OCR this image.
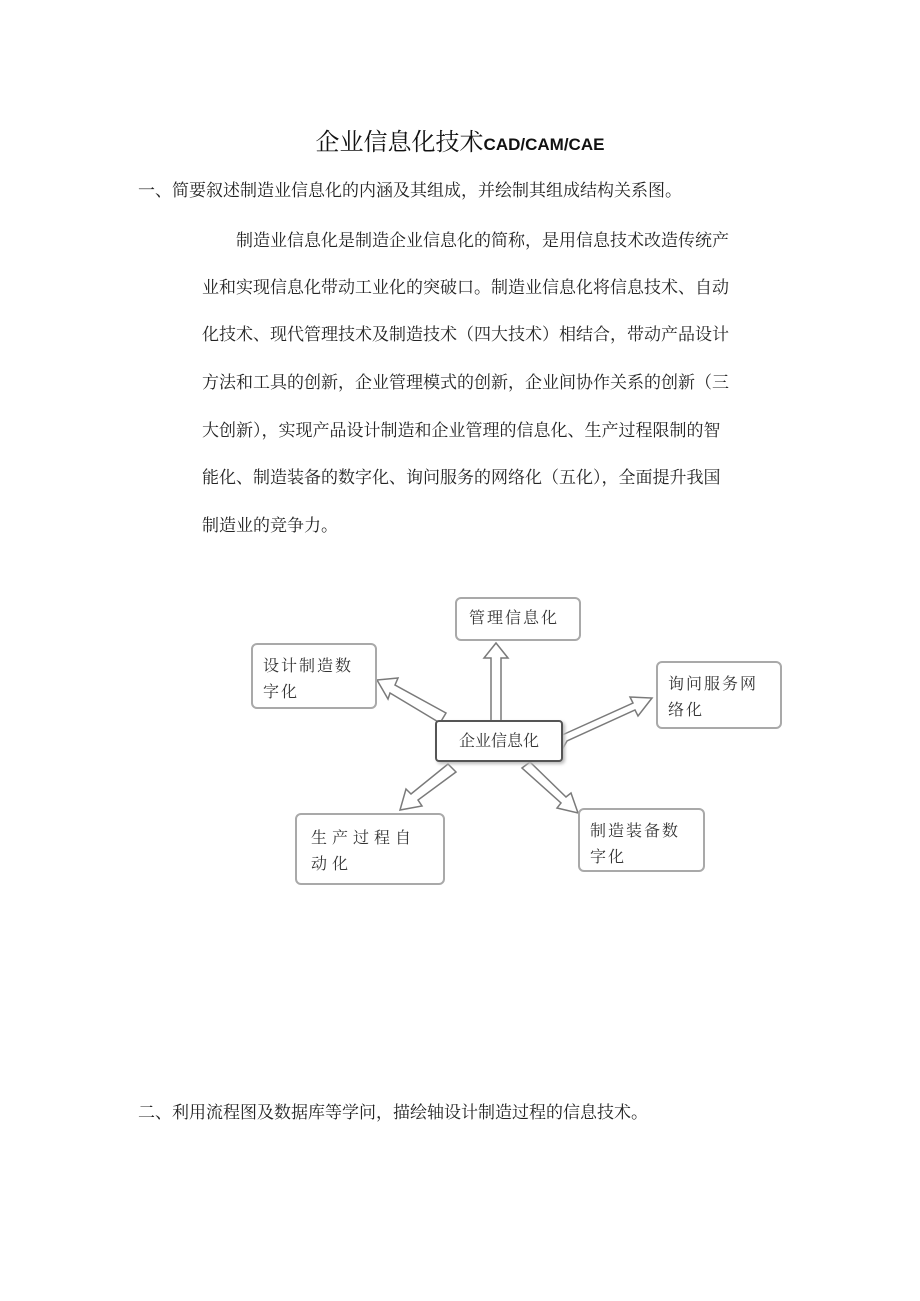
企业信息化技术CAD/CAM/CAE
一、简要叙述制造业信息化的内涵及其组成，并绘制其组成结构关系图。
　　制造业信息化是制造企业信息化的简称，是用信息技术改造传统产
业和实现信息化带动工业化的突破口。制造业信息化将信息技术、自动
化技术、现代管理技术及制造技术（四大技术）相结合，带动产品设计
方法和工具的创新，企业管理模式的创新，企业间协作关系的创新（三
大创新），实现产品设计制造和企业管理的信息化、生产过程限制的智
能化、制造装备的数字化、询问服务的网络化（五化），全面提升我国
制造业的竞争力。
管理信息化
设计制造数
字化	询问服务网
络化
企业信息化
生产过程自
动化
制造装备数
字化
二、利用流程图及数据库等学问，描绘轴设计制造过程的信息技术。
